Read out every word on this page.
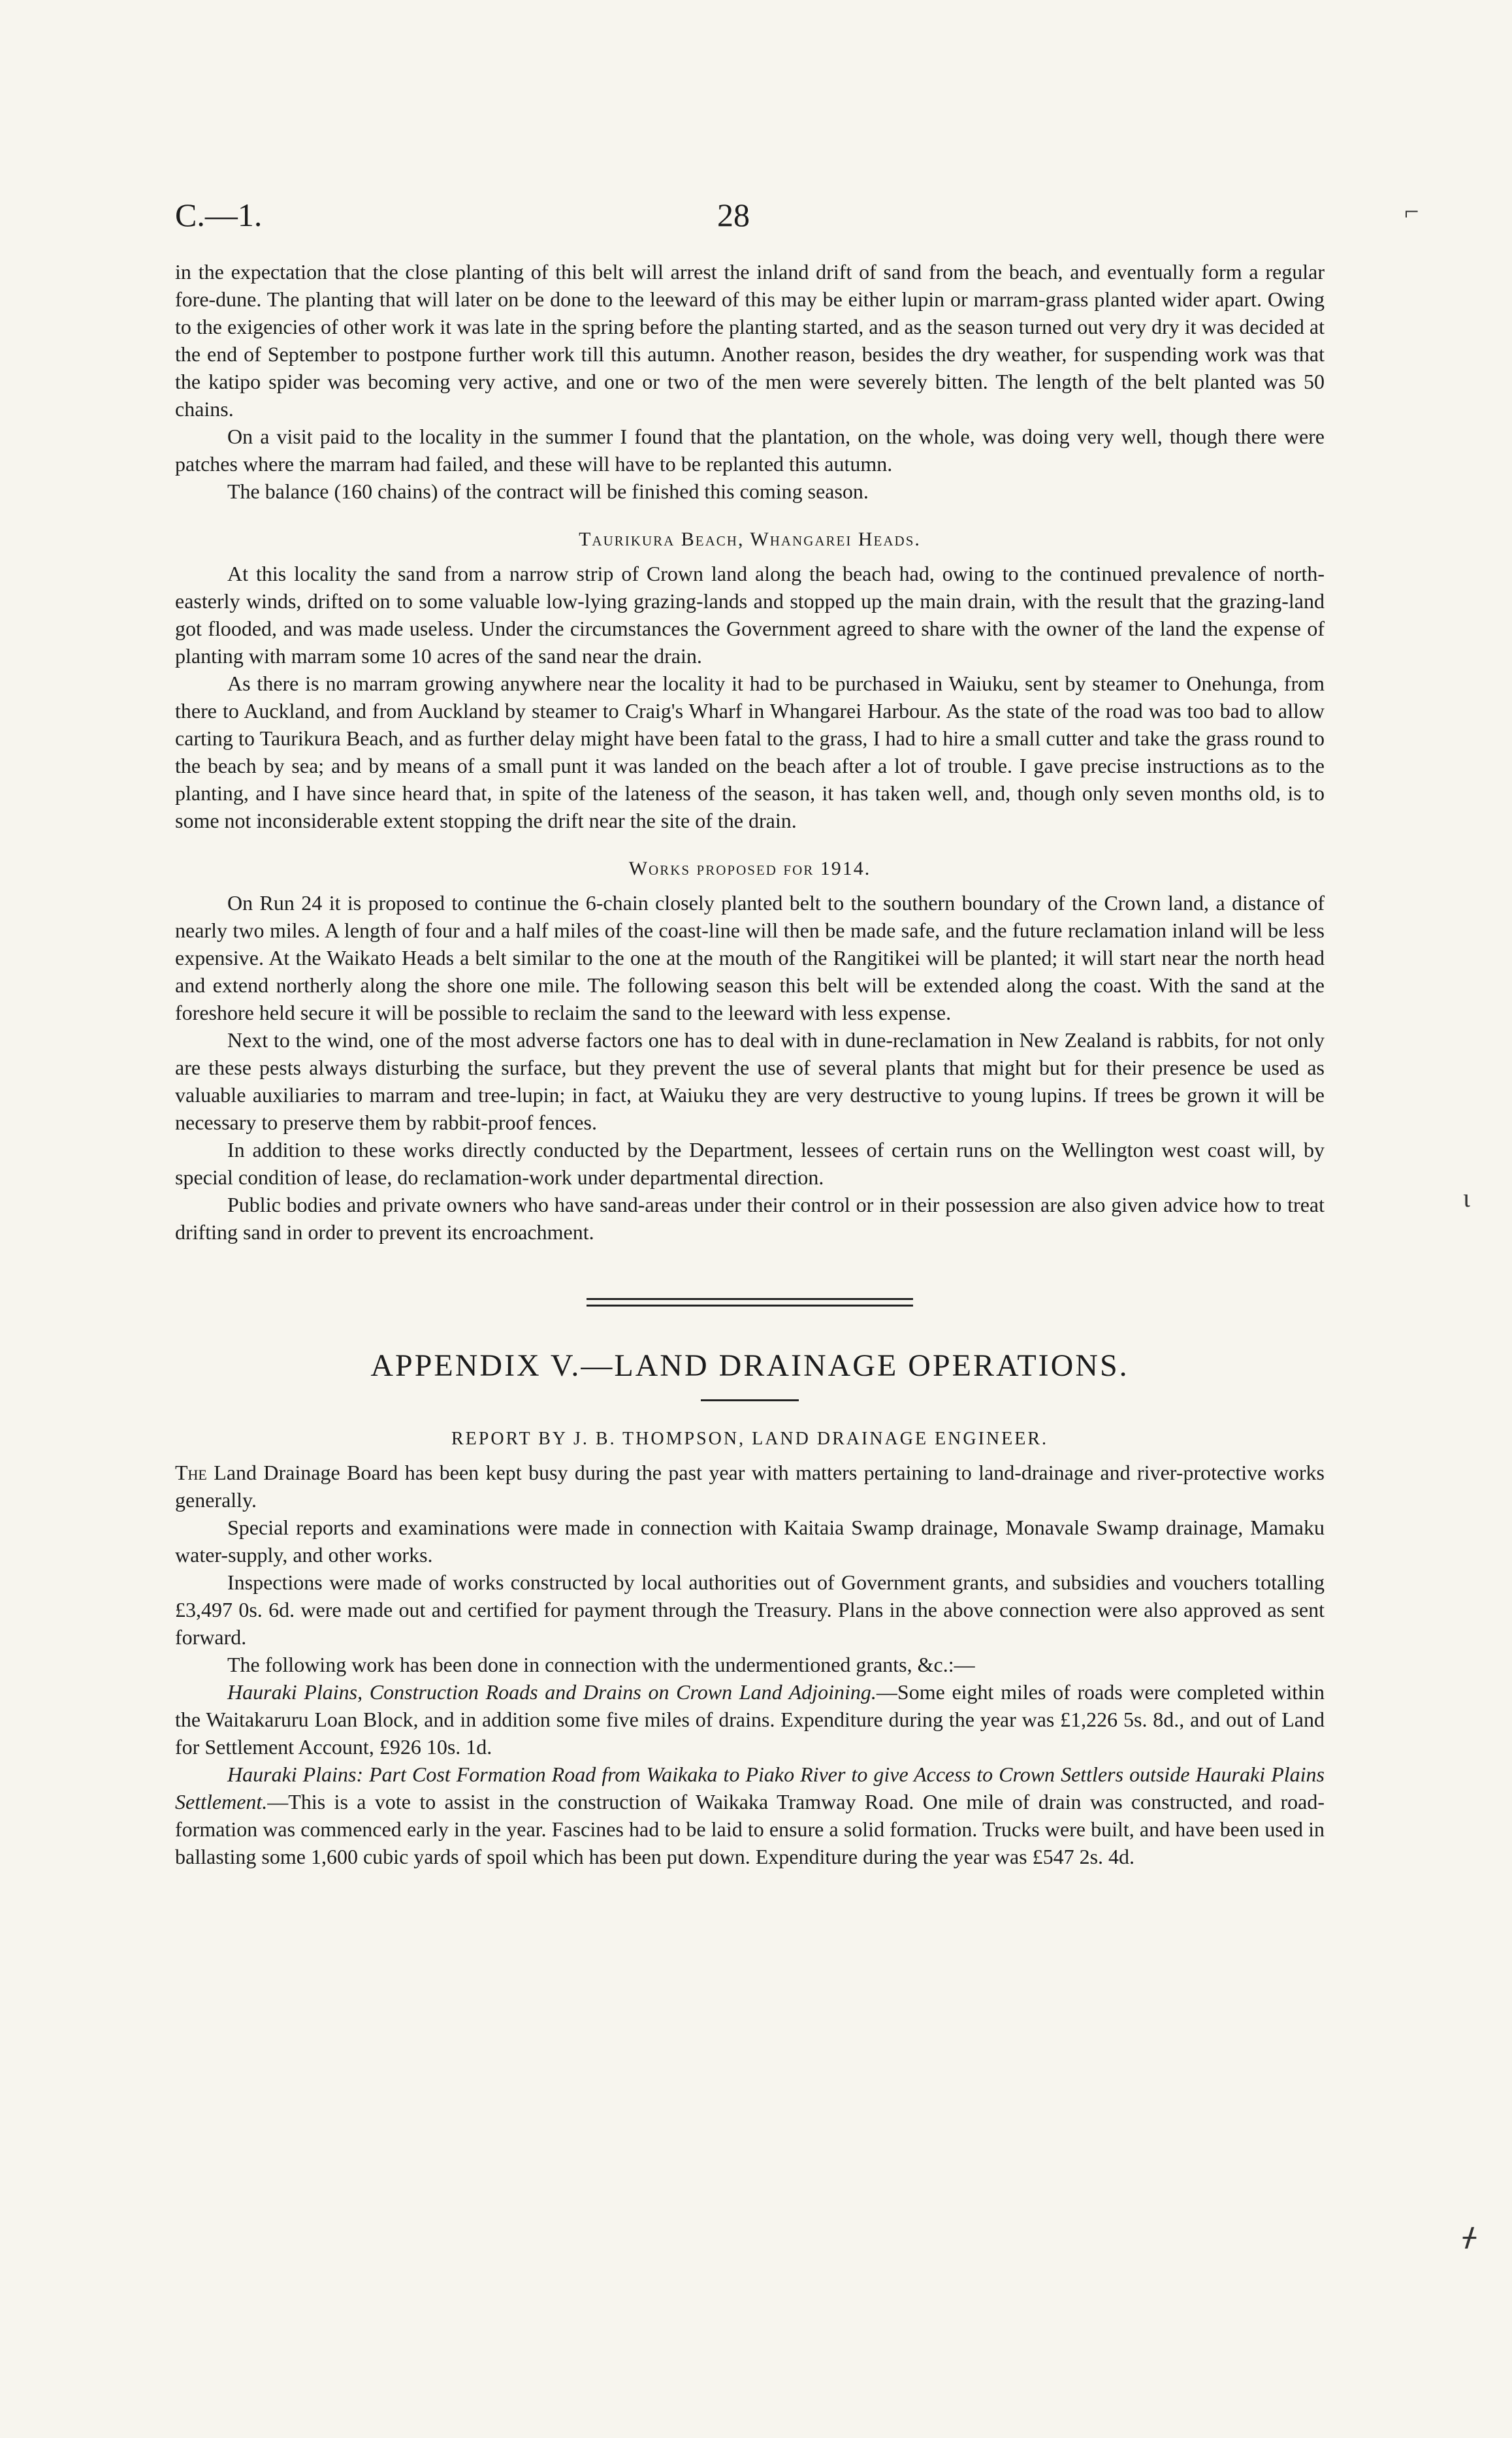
⌐
ɩ
ᚋ
C.—1.	28

in the expectation that the close planting of this belt will arrest the inland drift of sand from the beach, and eventually form a regular fore-dune. The planting that will later on be done to the leeward of this may be either lupin or marram-grass planted wider apart. Owing to the exigencies of other work it was late in the spring before the planting started, and as the season turned out very dry it was decided at the end of September to postpone further work till this autumn. Another reason, besides the dry weather, for suspending work was that the katipo spider was becoming very active, and one or two of the men were severely bitten. The length of the belt planted was 50 chains.

On a visit paid to the locality in the summer I found that the plantation, on the whole, was doing very well, though there were patches where the marram had failed, and these will have to be replanted this autumn.

The balance (160 chains) of the contract will be finished this coming season.

Taurikura Beach, Whangarei Heads.

At this locality the sand from a narrow strip of Crown land along the beach had, owing to the continued prevalence of north-easterly winds, drifted on to some valuable low-lying grazing-lands and stopped up the main drain, with the result that the grazing-land got flooded, and was made useless. Under the circumstances the Government agreed to share with the owner of the land the expense of planting with marram some 10 acres of the sand near the drain.

As there is no marram growing anywhere near the locality it had to be purchased in Waiuku, sent by steamer to Onehunga, from there to Auckland, and from Auckland by steamer to Craig's Wharf in Whangarei Harbour. As the state of the road was too bad to allow carting to Taurikura Beach, and as further delay might have been fatal to the grass, I had to hire a small cutter and take the grass round to the beach by sea; and by means of a small punt it was landed on the beach after a lot of trouble. I gave precise instructions as to the planting, and I have since heard that, in spite of the lateness of the season, it has taken well, and, though only seven months old, is to some not inconsiderable extent stopping the drift near the site of the drain.

Works proposed for 1914.

On Run 24 it is proposed to continue the 6-chain closely planted belt to the southern boundary of the Crown land, a distance of nearly two miles. A length of four and a half miles of the coast-line will then be made safe, and the future reclamation inland will be less expensive. At the Waikato Heads a belt similar to the one at the mouth of the Rangitikei will be planted; it will start near the north head and extend northerly along the shore one mile. The following season this belt will be extended along the coast. With the sand at the foreshore held secure it will be possible to reclaim the sand to the leeward with less expense.

Next to the wind, one of the most adverse factors one has to deal with in dune-reclamation in New Zealand is rabbits, for not only are these pests always disturbing the surface, but they prevent the use of several plants that might but for their presence be used as valuable auxiliaries to marram and tree-lupin; in fact, at Waiuku they are very destructive to young lupins. If trees be grown it will be necessary to preserve them by rabbit-proof fences.

In addition to these works directly conducted by the Department, lessees of certain runs on the Wellington west coast will, by special condition of lease, do reclamation-work under departmental direction.

Public bodies and private owners who have sand-areas under their control or in their possession are also given advice how to treat drifting sand in order to prevent its encroachment.

APPENDIX V.—LAND DRAINAGE OPERATIONS.
REPORT BY J. B. THOMPSON, LAND DRAINAGE ENGINEER.

The Land Drainage Board has been kept busy during the past year with matters pertaining to land-drainage and river-protective works generally.

Special reports and examinations were made in connection with Kaitaia Swamp drainage, Monavale Swamp drainage, Mamaku water-supply, and other works.

Inspections were made of works constructed by local authorities out of Government grants, and subsidies and vouchers totalling £3,497 0s. 6d. were made out and certified for payment through the Treasury. Plans in the above connection were also approved as sent forward.

The following work has been done in connection with the undermentioned grants, &c.:—

Hauraki Plains, Construction Roads and Drains on Crown Land Adjoining.—Some eight miles of roads were completed within the Waitakaruru Loan Block, and in addition some five miles of drains. Expenditure during the year was £1,226 5s. 8d., and out of Land for Settlement Account, £926 10s. 1d.

Hauraki Plains: Part Cost Formation Road from Waikaka to Piako River to give Access to Crown Settlers outside Hauraki Plains Settlement.—This is a vote to assist in the construction of Waikaka Tramway Road. One mile of drain was constructed, and road-formation was commenced early in the year. Fascines had to be laid to ensure a solid formation. Trucks were built, and have been used in ballasting some 1,600 cubic yards of spoil which has been put down. Expenditure during the year was £547 2s. 4d.
